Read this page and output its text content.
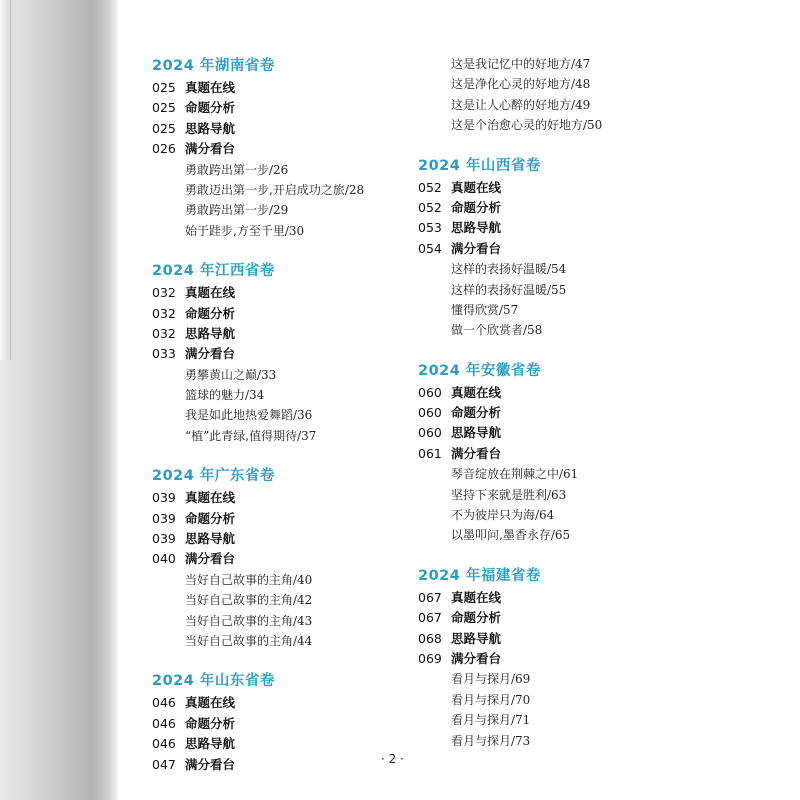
2024 年湖南省卷
025 真题在线
025 命题分析
025 思路导航
026 满分看台
勇敢跨出第一步/26
勇敢迈出第一步,开启成功之旅/28
勇敢跨出第一步/29
始于跬步,方至千里/30
2024 年江西省卷
032 真题在线
032 命题分析
032 思路导航
033 满分看台
勇攀黄山之巅/33
篮球的魅力/34
我是如此地热爱舞蹈/36
“植”此青绿,值得期待/37
2024 年广东省卷
039 真题在线
039 命题分析
039 思路导航
040 满分看台
当好自己故事的主角/40
当好自己故事的主角/42
当好自己故事的主角/43
当好自己故事的主角/44
2024 年山东省卷
046 真题在线
046 命题分析
046 思路导航
047 满分看台
这是我记忆中的好地方/47
这是净化心灵的好地方/48
这是让人心醉的好地方/49
这是个治愈心灵的好地方/50
2024 年山西省卷
052 真题在线
052 命题分析
053 思路导航
054 满分看台
这样的表扬好温暖/54
这样的表扬好温暖/55
懂得欣赏/57
做一个欣赏者/58
2024 年安徽省卷
060 真题在线
060 命题分析
060 思路导航
061 满分看台
琴音绽放在荆棘之中/61
坚持下来就是胜利/63
不为彼岸只为海/64
以墨叩问,墨香永存/65
2024 年福建省卷
067 真题在线
067 命题分析
068 思路导航
069 满分看台
看月与探月/69
看月与探月/70
看月与探月/71
看月与探月/73
· 2 ·
